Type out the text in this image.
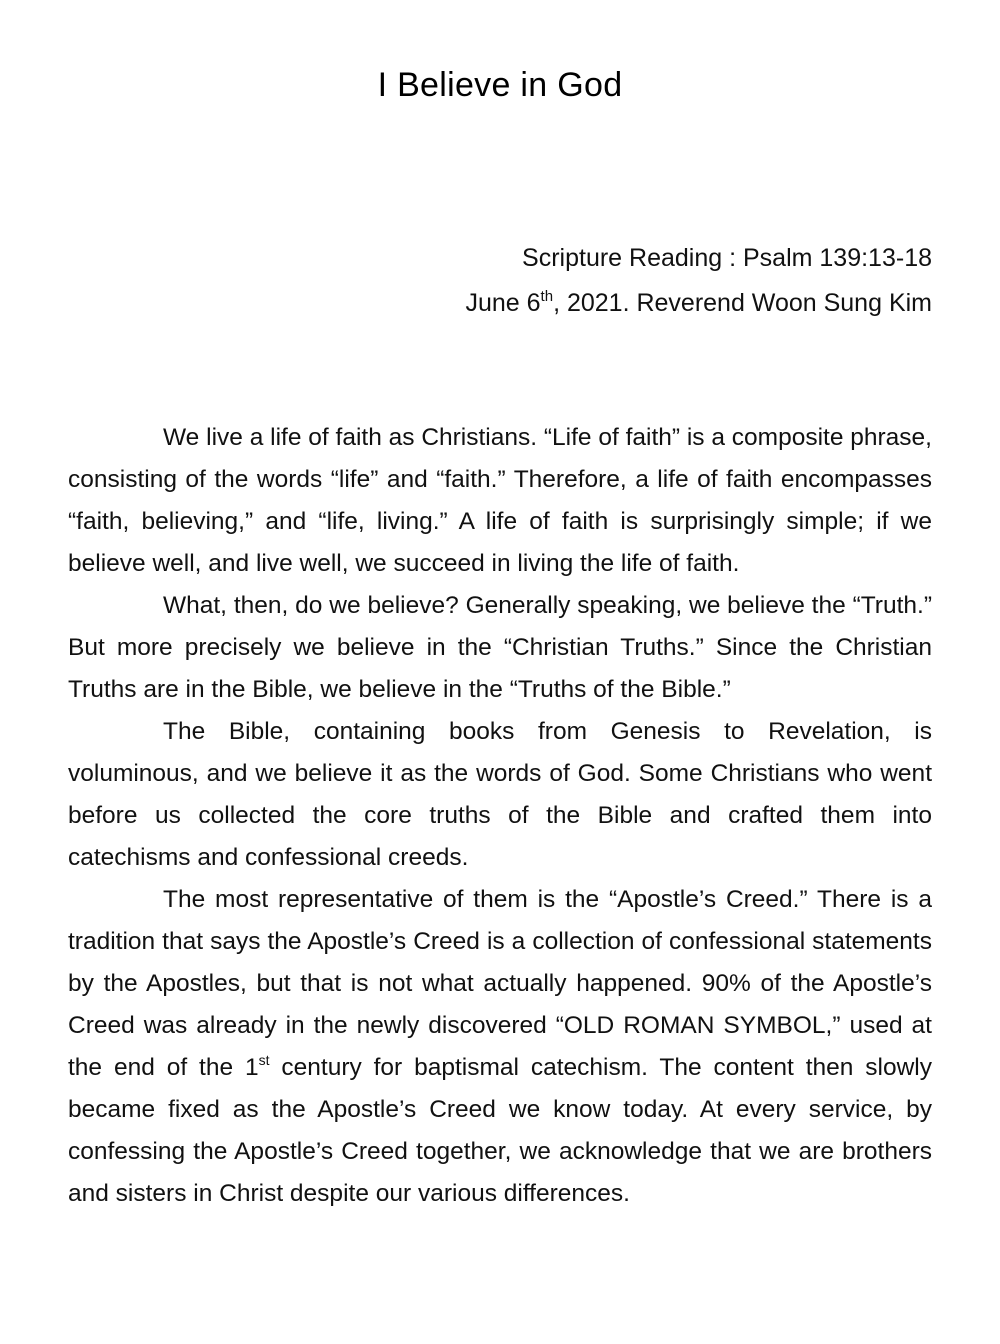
I Believe in God
Scripture Reading : Psalm 139:13-18
June 6th, 2021. Reverend Woon Sung Kim

We live a life of faith as Christians. “Life of faith” is a composite phrase, consisting of the words “life” and “faith.” Therefore, a life of faith encompasses “faith, believing,” and “life, living.” A life of faith is surprisingly simple; if we believe well, and live well, we succeed in living the life of faith.

What, then, do we believe? Generally speaking, we believe the “Truth.” But more precisely we believe in the “Christian Truths.” Since the Christian Truths are in the Bible, we believe in the “Truths of the Bible.”

The Bible, containing books from Genesis to Revelation, is voluminous, and we believe it as the words of God. Some Christians who went before us collected the core truths of the Bible and crafted them into catechisms and confessional creeds.

The most representative of them is the “Apostle’s Creed.” There is a tradition that says the Apostle’s Creed is a collection of confessional statements by the Apostles, but that is not what actually happened. 90% of the Apostle’s Creed was already in the newly discovered “OLD ROMAN SYMBOL,” used at the end of the 1st century for baptismal catechism. The content then slowly became fixed as the Apostle’s Creed we know today. At every service, by confessing the Apostle’s Creed together, we acknowledge that we are brothers and sisters in Christ despite our various differences.
